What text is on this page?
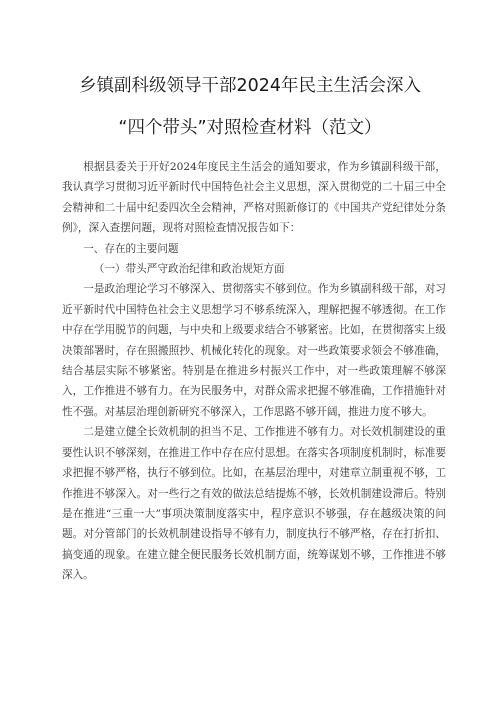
乡镇副科级领导干部2024年民主生活会深入
“四个带头”对照检查材料（范文）

根据县委关于开好2024年度民主生活会的通知要求，作为乡镇副科级干部，我认真学习贯彻习近平新时代中国特色社会主义思想，深入贯彻党的二十届三中全会精神和二十届中纪委四次全会精神，严格对照新修订的《中国共产党纪律处分条例》，深入查摆问题，现将对照检查情况报告如下：

一、存在的主要问题

（一）带头严守政治纪律和政治规矩方面

一是政治理论学习不够深入、贯彻落实不够到位。作为乡镇副科级干部，对习近平新时代中国特色社会主义思想学习不够系统深入，理解把握不够透彻。在工作中存在学用脱节的问题，与中央和上级要求结合不够紧密。比如，在贯彻落实上级决策部署时，存在照搬照抄、机械化转化的现象。对一些政策要求领会不够准确，结合基层实际不够紧密。特别是在推进乡村振兴工作中，对一些政策理解不够深入，工作推进不够有力。在为民服务中，对群众需求把握不够准确，工作措施针对性不强。对基层治理创新研究不够深入，工作思路不够开阔，推进力度不够大。

二是建立健全长效机制的担当不足、工作推进不够有力。对长效机制建设的重要性认识不够深刻，在推进工作中存在应付思想。在落实各项制度机制时，标准要求把握不够严格，执行不够到位。比如，在基层治理中，对建章立制重视不够，工作推进不够深入。对一些行之有效的做法总结提炼不够，长效机制建设滞后。特别是在推进“三重一大”事项决策制度落实中，程序意识不够强，存在越级决策的问题。对分管部门的长效机制建设指导不够有力，制度执行不够严格，存在打折扣、搞变通的现象。在建立健全便民服务长效机制方面，统筹谋划不够，工作推进不够深入。
